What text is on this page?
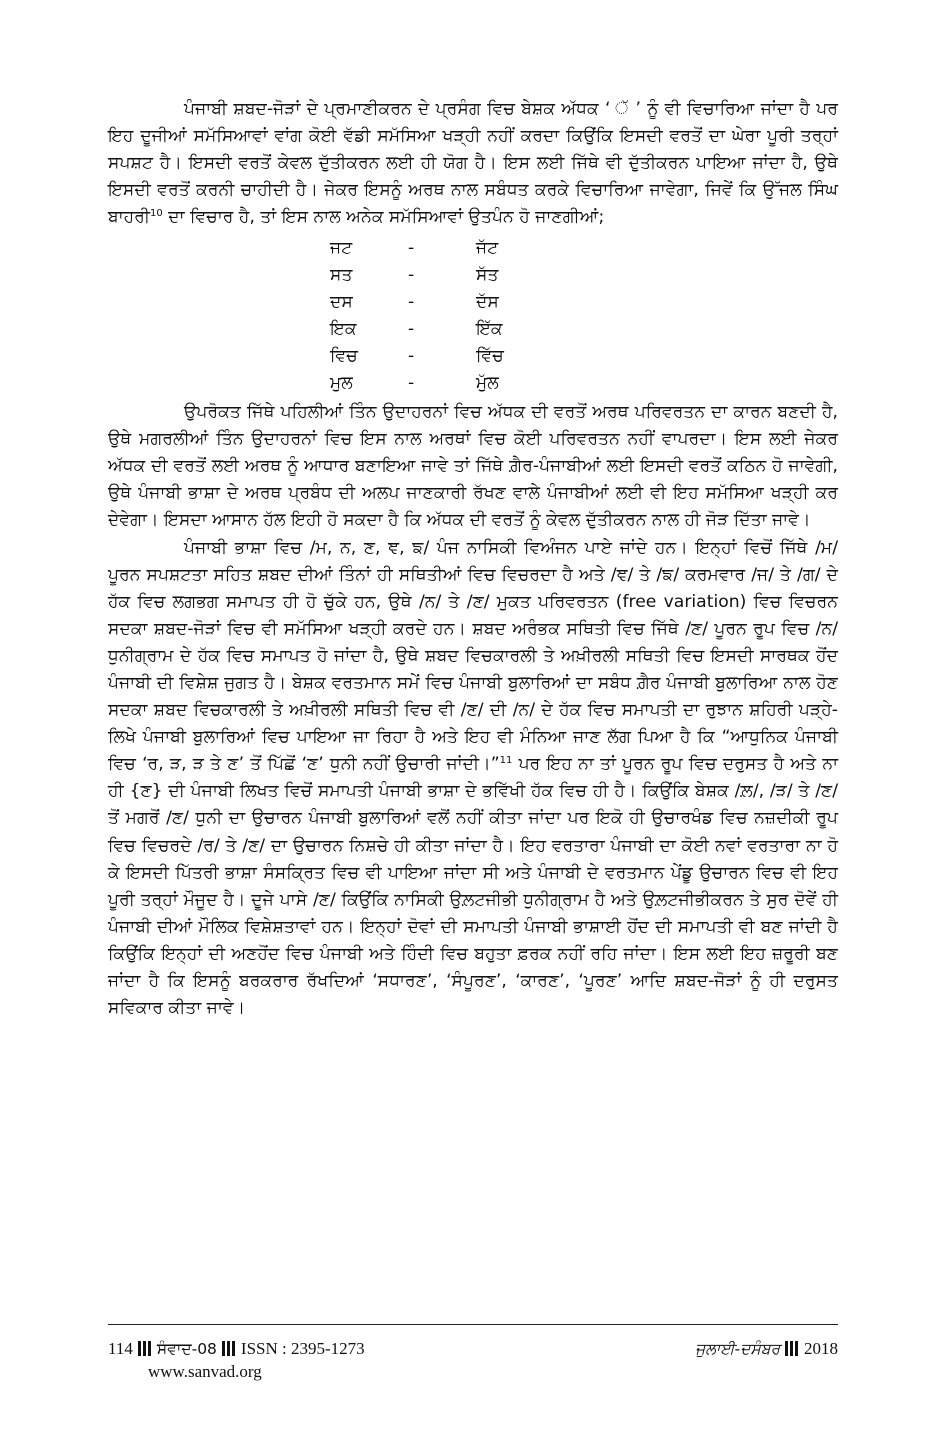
ਪੰਜਾਬੀ ਸ਼ਬਦ-ਜੋੜਾਂ ਦੇ ਪ੍ਰਮਾਣੀਕਰਨ ਦੇ ਪ੍ਰਸੰਗ ਵਿਚ ਬੇਸ਼ਕ ਅੱਧਕ ‘ ੱ ’ ਨੂੰ ਵੀ ਵਿਚਾਰਿਆ ਜਾਂਦਾ ਹੈ ਪਰ ਇਹ ਦੂਜੀਆਂ ਸਮੱਸਿਆਵਾਂ ਵਾਂਗ ਕੋਈ ਵੱਡੀ ਸਮੱਸਿਆ ਖੜ੍ਹੀ ਨਹੀਂ ਕਰਦਾ ਕਿਉਂਕਿ ਇਸਦੀ ਵਰਤੋਂ ਦਾ ਘੇਰਾ ਪੂਰੀ ਤਰ੍ਹਾਂ ਸਪਸ਼ਟ ਹੈ। ਇਸਦੀ ਵਰਤੋਂ ਕੇਵਲ ਦੁੱਤੀਕਰਨ ਲਈ ਹੀ ਯੋਗ ਹੈ। ਇਸ ਲਈ ਜਿੱਥੇ ਵੀ ਦੁੱਤੀਕਰਨ ਪਾਇਆ ਜਾਂਦਾ ਹੈ, ਉਥੇ ਇਸਦੀ ਵਰਤੋਂ ਕਰਨੀ ਚਾਹੀਦੀ ਹੈ। ਜੇਕਰ ਇਸਨੂੰ ਅਰਥ ਨਾਲ ਸਬੰਧਤ ਕਰਕੇ ਵਿਚਾਰਿਆ ਜਾਵੇਗਾ, ਜਿਵੇਂ ਕਿ ਉੱਜਲ ਸਿੰਘ ਬਾਹਰੀ$^{10}$ ਦਾ ਵਿਚਾਰ ਹੈ, ਤਾਂ ਇਸ ਨਾਲ ਅਨੇਕ ਸਮੱਸਿਆਵਾਂ ਉਤਪੰਨ ਹੋ ਜਾਣਗੀਆਂ;

ਜਟ	-	ਜੱਟ
ਸਤ	-	ਸੱਤ
ਦਸ	-	ਦੱਸ
ਇਕ	-	ਇੱਕ
ਵਿਚ	-	ਵਿੱਚ
ਮੁਲ	-	ਮੁੱਲ

ਉਪਰੋਕਤ ਜਿੱਥੇ ਪਹਿਲੀਆਂ ਤਿੰਨ ਉਦਾਹਰਨਾਂ ਵਿਚ ਅੱਧਕ ਦੀ ਵਰਤੋਂ ਅਰਥ ਪਰਿਵਰਤਨ ਦਾ ਕਾਰਨ ਬਣਦੀ ਹੈ, ਉਥੇ ਮਗਰਲੀਆਂ ਤਿੰਨ ਉਦਾਹਰਨਾਂ ਵਿਚ ਇਸ ਨਾਲ ਅਰਥਾਂ ਵਿਚ ਕੋਈ ਪਰਿਵਰਤਨ ਨਹੀਂ ਵਾਪਰਦਾ। ਇਸ ਲਈ ਜੇਕਰ ਅੱਧਕ ਦੀ ਵਰਤੋਂ ਲਈ ਅਰਥ ਨੂੰ ਆਧਾਰ ਬਣਾਇਆ ਜਾਵੇ ਤਾਂ ਜਿੱਥੇ ਗ਼ੈਰ-ਪੰਜਾਬੀਆਂ ਲਈ ਇਸਦੀ ਵਰਤੋਂ ਕਠਿਨ ਹੋ ਜਾਵੇਗੀ, ਉਥੇ ਪੰਜਾਬੀ ਭਾਸ਼ਾ ਦੇ ਅਰਥ ਪ੍ਰਬੰਧ ਦੀ ਅਲਪ ਜਾਣਕਾਰੀ ਰੱਖਣ ਵਾਲੇ ਪੰਜਾਬੀਆਂ ਲਈ ਵੀ ਇਹ ਸਮੱਸਿਆ ਖੜ੍ਹੀ ਕਰ ਦੇਵੇਗਾ। ਇਸਦਾ ਆਸਾਨ ਹੱਲ ਇਹੀ ਹੋ ਸਕਦਾ ਹੈ ਕਿ ਅੱਧਕ ਦੀ ਵਰਤੋਂ ਨੂੰ ਕੇਵਲ ਦੁੱਤੀਕਰਨ ਨਾਲ ਹੀ ਜੋੜ ਦਿੱਤਾ ਜਾਵੇ।

ਪੰਜਾਬੀ ਭਾਸ਼ਾ ਵਿਚ /ਮ, ਨ, ਣ, ਞ, ਙ/ ਪੰਜ ਨਾਸਿਕੀ ਵਿਅੰਜਨ ਪਾਏ ਜਾਂਦੇ ਹਨ। ਇਨ੍ਹਾਂ ਵਿਚੋਂ ਜਿੱਥੇ /ਮ/ ਪੂਰਨ ਸਪਸ਼ਟਤਾ ਸਹਿਤ ਸ਼ਬਦ ਦੀਆਂ ਤਿੰਨਾਂ ਹੀ ਸਥਿਤੀਆਂ ਵਿਚ ਵਿਚਰਦਾ ਹੈ ਅਤੇ /ਞ/ ਤੇ /ਙ/ ਕਰਮਵਾਰ /ਜ/ ਤੇ /ਗ/ ਦੇ ਹੱਕ ਵਿਚ ਲਗਭਗ ਸਮਾਪਤ ਹੀ ਹੋ ਚੁੱਕੇ ਹਨ, ਉਥੇ /ਨ/ ਤੇ /ਣ/ ਮੁਕਤ ਪਰਿਵਰਤਨ (free variation) ਵਿਚ ਵਿਚਰਨ ਸਦਕਾ ਸ਼ਬਦ-ਜੋੜਾਂ ਵਿਚ ਵੀ ਸਮੱਸਿਆ ਖੜ੍ਹੀ ਕਰਦੇ ਹਨ। ਸ਼ਬਦ ਅਰੰਭਕ ਸਥਿਤੀ ਵਿਚ ਜਿੱਥੇ /ਣ/ ਪੂਰਨ ਰੂਪ ਵਿਚ /ਨ/ ਧੁਨੀਗ੍ਰਾਮ ਦੇ ਹੱਕ ਵਿਚ ਸਮਾਪਤ ਹੋ ਜਾਂਦਾ ਹੈ, ਉਥੇ ਸ਼ਬਦ ਵਿਚਕਾਰਲੀ ਤੇ ਅਖ਼ੀਰਲੀ ਸਥਿਤੀ ਵਿਚ ਇਸਦੀ ਸਾਰਥਕ ਹੋਂਦ ਪੰਜਾਬੀ ਦੀ ਵਿਸ਼ੇਸ਼ ਜੁਗਤ ਹੈ। ਬੇਸ਼ਕ ਵਰਤਮਾਨ ਸਮੇਂ ਵਿਚ ਪੰਜਾਬੀ ਬੁਲਾਰਿਆਂ ਦਾ ਸਬੰਧ ਗ਼ੈਰ ਪੰਜਾਬੀ ਬੁਲਾਰਿਆ ਨਾਲ ਹੋਣ ਸਦਕਾ ਸ਼ਬਦ ਵਿਚਕਾਰਲੀ ਤੇ ਅਖ਼ੀਰਲੀ ਸਥਿਤੀ ਵਿਚ ਵੀ /ਣ/ ਦੀ /ਨ/ ਦੇ ਹੱਕ ਵਿਚ ਸਮਾਪਤੀ ਦਾ ਰੁਝਾਨ ਸ਼ਹਿਰੀ ਪੜ੍ਹੇ-ਲਿਖੇ ਪੰਜਾਬੀ ਬੁਲਾਰਿਆਂ ਵਿਚ ਪਾਇਆ ਜਾ ਰਿਹਾ ਹੈ ਅਤੇ ਇਹ ਵੀ ਮੰਨਿਆ ਜਾਣ ਲੱਗ ਪਿਆ ਹੈ ਕਿ “ਆਧੁਨਿਕ ਪੰਜਾਬੀ ਵਿਚ ‘ਰ, ੜ, ੜ ਤੇ ਣ’ ਤੋਂ ਪਿੱਛੋਂ ‘ਣ’ ਧੁਨੀ ਨਹੀਂ ਉਚਾਰੀ ਜਾਂਦੀ।”$^{11}$ ਪਰ ਇਹ ਨਾ ਤਾਂ ਪੂਰਨ ਰੂਪ ਵਿਚ ਦਰੁਸਤ ਹੈ ਅਤੇ ਨਾ ਹੀ {ਣ} ਦੀ ਪੰਜਾਬੀ ਲਿਖਤ ਵਿਚੋਂ ਸਮਾਪਤੀ ਪੰਜਾਬੀ ਭਾਸ਼ਾ ਦੇ ਭਵਿੱਖੀ ਹੱਕ ਵਿਚ ਹੀ ਹੈ। ਕਿਉਂਕਿ ਬੇਸ਼ਕ /ਲ਼/, /ੜ/ ਤੇ /ਣ/ ਤੋਂ ਮਗਰੋਂ /ਣ/ ਧੁਨੀ ਦਾ ਉਚਾਰਨ ਪੰਜਾਬੀ ਬੁਲਾਰਿਆਂ ਵਲੋਂ ਨਹੀਂ ਕੀਤਾ ਜਾਂਦਾ ਪਰ ਇਕੋ ਹੀ ਉਚਾਰਖੰਡ ਵਿਚ ਨਜ਼ਦੀਕੀ ਰੂਪ ਵਿਚ ਵਿਚਰਦੇ /ਰ/ ਤੇ /ਣ/ ਦਾ ਉਚਾਰਨ ਨਿਸ਼ਚੇ ਹੀ ਕੀਤਾ ਜਾਂਦਾ ਹੈ। ਇਹ ਵਰਤਾਰਾ ਪੰਜਾਬੀ ਦਾ ਕੋਈ ਨਵਾਂ ਵਰਤਾਰਾ ਨਾ ਹੋ ਕੇ ਇਸਦੀ ਪਿੱਤਰੀ ਭਾਸ਼ਾ ਸੰਸਕ੍ਰਿਤ ਵਿਚ ਵੀ ਪਾਇਆ ਜਾਂਦਾ ਸੀ ਅਤੇ ਪੰਜਾਬੀ ਦੇ ਵਰਤਮਾਨ ਪੇਂਡੂ ਉਚਾਰਨ ਵਿਚ ਵੀ ਇਹ ਪੂਰੀ ਤਰ੍ਹਾਂ ਮੌਜੂਦ ਹੈ। ਦੂਜੇ ਪਾਸੇ /ਣ/ ਕਿਉਂਕਿ ਨਾਸਿਕੀ ਉਲ਼ਟਜੀਭੀ ਧੁਨੀਗ੍ਰਾਮ ਹੈ ਅਤੇ ਉਲ਼ਟਜੀਭੀਕਰਨ ਤੇ ਸੁਰ ਦੋਵੇਂ ਹੀ ਪੰਜਾਬੀ ਦੀਆਂ ਮੌਲਿਕ ਵਿਸ਼ੇਸ਼ਤਾਵਾਂ ਹਨ। ਇਨ੍ਹਾਂ ਦੋਵਾਂ ਦੀ ਸਮਾਪਤੀ ਪੰਜਾਬੀ ਭਾਸ਼ਾਈ ਹੋਂਦ ਦੀ ਸਮਾਪਤੀ ਵੀ ਬਣ ਜਾਂਦੀ ਹੈ ਕਿਉਂਕਿ ਇਨ੍ਹਾਂ ਦੀ ਅਣਹੋਂਦ ਵਿਚ ਪੰਜਾਬੀ ਅਤੇ ਹਿੰਦੀ ਵਿਚ ਬਹੁਤਾ ਫ਼ਰਕ ਨਹੀਂ ਰਹਿ ਜਾਂਦਾ। ਇਸ ਲਈ ਇਹ ਜ਼ਰੂਰੀ ਬਣ ਜਾਂਦਾ ਹੈ ਕਿ ਇਸਨੂੰ ਬਰਕਰਾਰ ਰੱਖਦਿਆਂ ‘ਸਧਾਰਣ’, ‘ਸੰਪੂਰਣ’, ‘ਕਾਰਣ’, ‘ਪੂਰਣ’ ਆਦਿ ਸ਼ਬਦ-ਜੋੜਾਂ ਨੂੰ ਹੀ ਦਰੁਸਤ ਸਵਿਕਾਰ ਕੀਤਾ ਜਾਵੇ।

114 ਸੰਵਾਦ-08 ISSN : 2395-1273
www.sanvad.org
ਜੁਲਾਈ-ਦਸੰਬਰ 2018
